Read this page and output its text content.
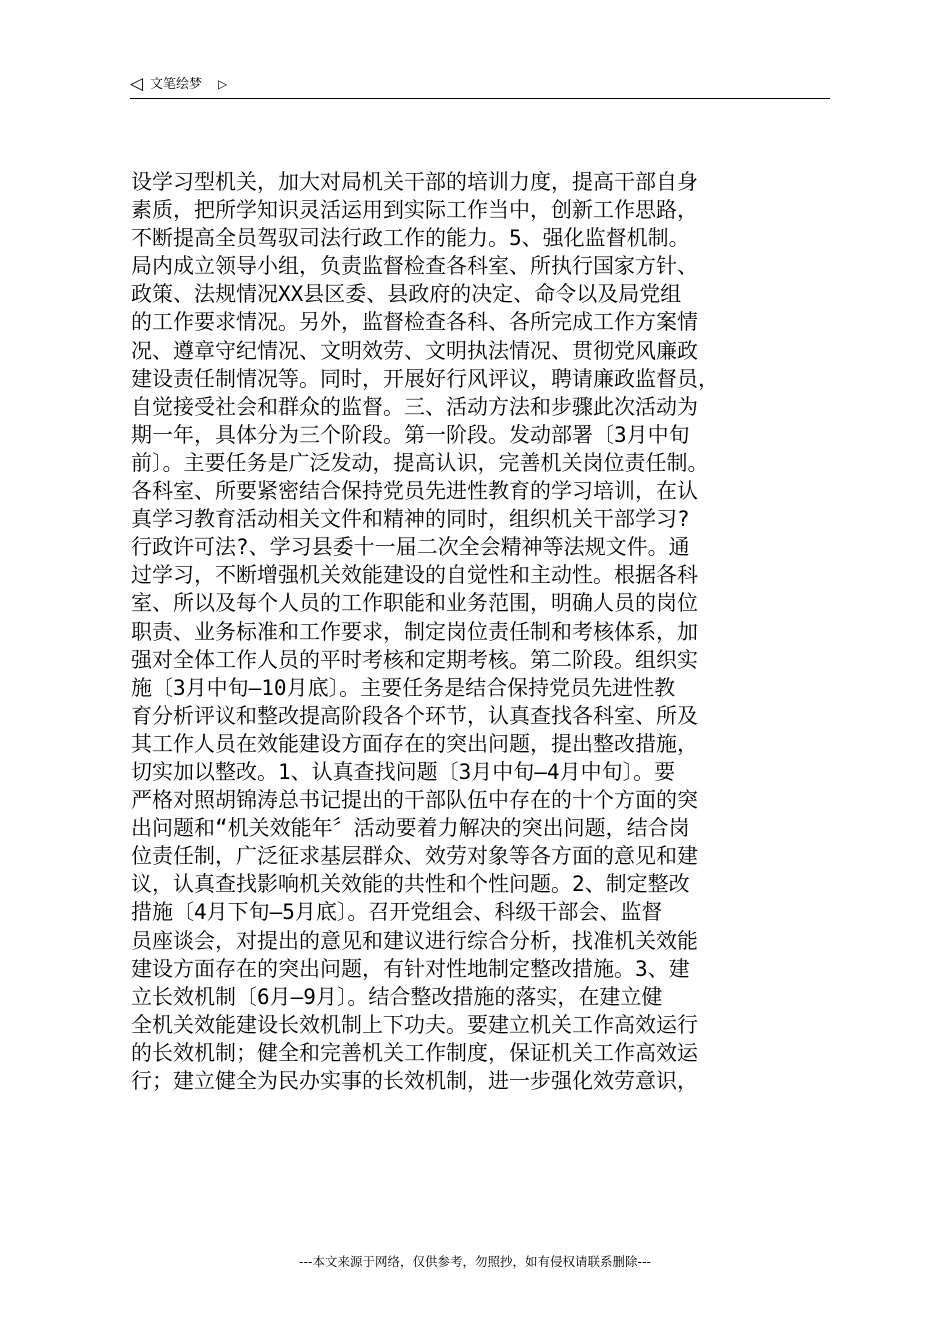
◁ 文笔绘梦 ▷
设学习型机关，加大对局机关干部的培训力度，提高干部自身
素质，把所学知识灵活运用到实际工作当中，创新工作思路，
不断提高全员驾驭司法行政工作的能力。5、强化监督机制。
局内成立领导小组，负责监督检查各科室、所执行国家方针、
政策、法规情况XX县区委、县政府的决定、命令以及局党组
的工作要求情况。另外，监督检查各科、各所完成工作方案情
况、遵章守纪情况、文明效劳、文明执法情况、贯彻党风廉政
建设责任制情况等。同时，开展好行风评议，聘请廉政监督员，
自觉接受社会和群众的监督。三、活动方法和步骤此次活动为
期一年，具体分为三个阶段。第一阶段。发动部署〔3月中旬
前〕。主要任务是广泛发动，提高认识，完善机关岗位责任制。
各科室、所要紧密结合保持党员先进性教育的学习培训，在认
真学习教育活动相关文件和精神的同时，组织机关干部学习?
行政许可法?、学习县委十一届二次全会精神等法规文件。通
过学习，不断增强机关效能建设的自觉性和主动性。根据各科
室、所以及每个人员的工作职能和业务范围，明确人员的岗位
职责、业务标准和工作要求，制定岗位责任制和考核体系，加
强对全体工作人员的平时考核和定期考核。第二阶段。组织实
施〔3月中旬—10月底〕。主要任务是结合保持党员先进性教
育分析评议和整改提高阶段各个环节，认真查找各科室、所及
其工作人员在效能建设方面存在的突出问题，提出整改措施，
切实加以整改。1、认真查找问题〔3月中旬—4月中旬〕。要
严格对照胡锦涛总书记提出的干部队伍中存在的十个方面的突
出问题和“机关效能年〞活动要着力解决的突出问题，结合岗
位责任制，广泛征求基层群众、效劳对象等各方面的意见和建
议，认真查找影响机关效能的共性和个性问题。2、制定整改
措施〔4月下旬—5月底〕。召开党组会、科级干部会、监督
员座谈会，对提出的意见和建议进行综合分析，找准机关效能
建设方面存在的突出问题，有针对性地制定整改措施。3、建
立长效机制〔6月—9月〕。结合整改措施的落实，在建立健
全机关效能建设长效机制上下功夫。要建立机关工作高效运行
的长效机制；健全和完善机关工作制度，保证机关工作高效运
行；建立健全为民办实事的长效机制，进一步强化效劳意识，
---本文来源于网络，仅供参考，勿照抄，如有侵权请联系删除---
